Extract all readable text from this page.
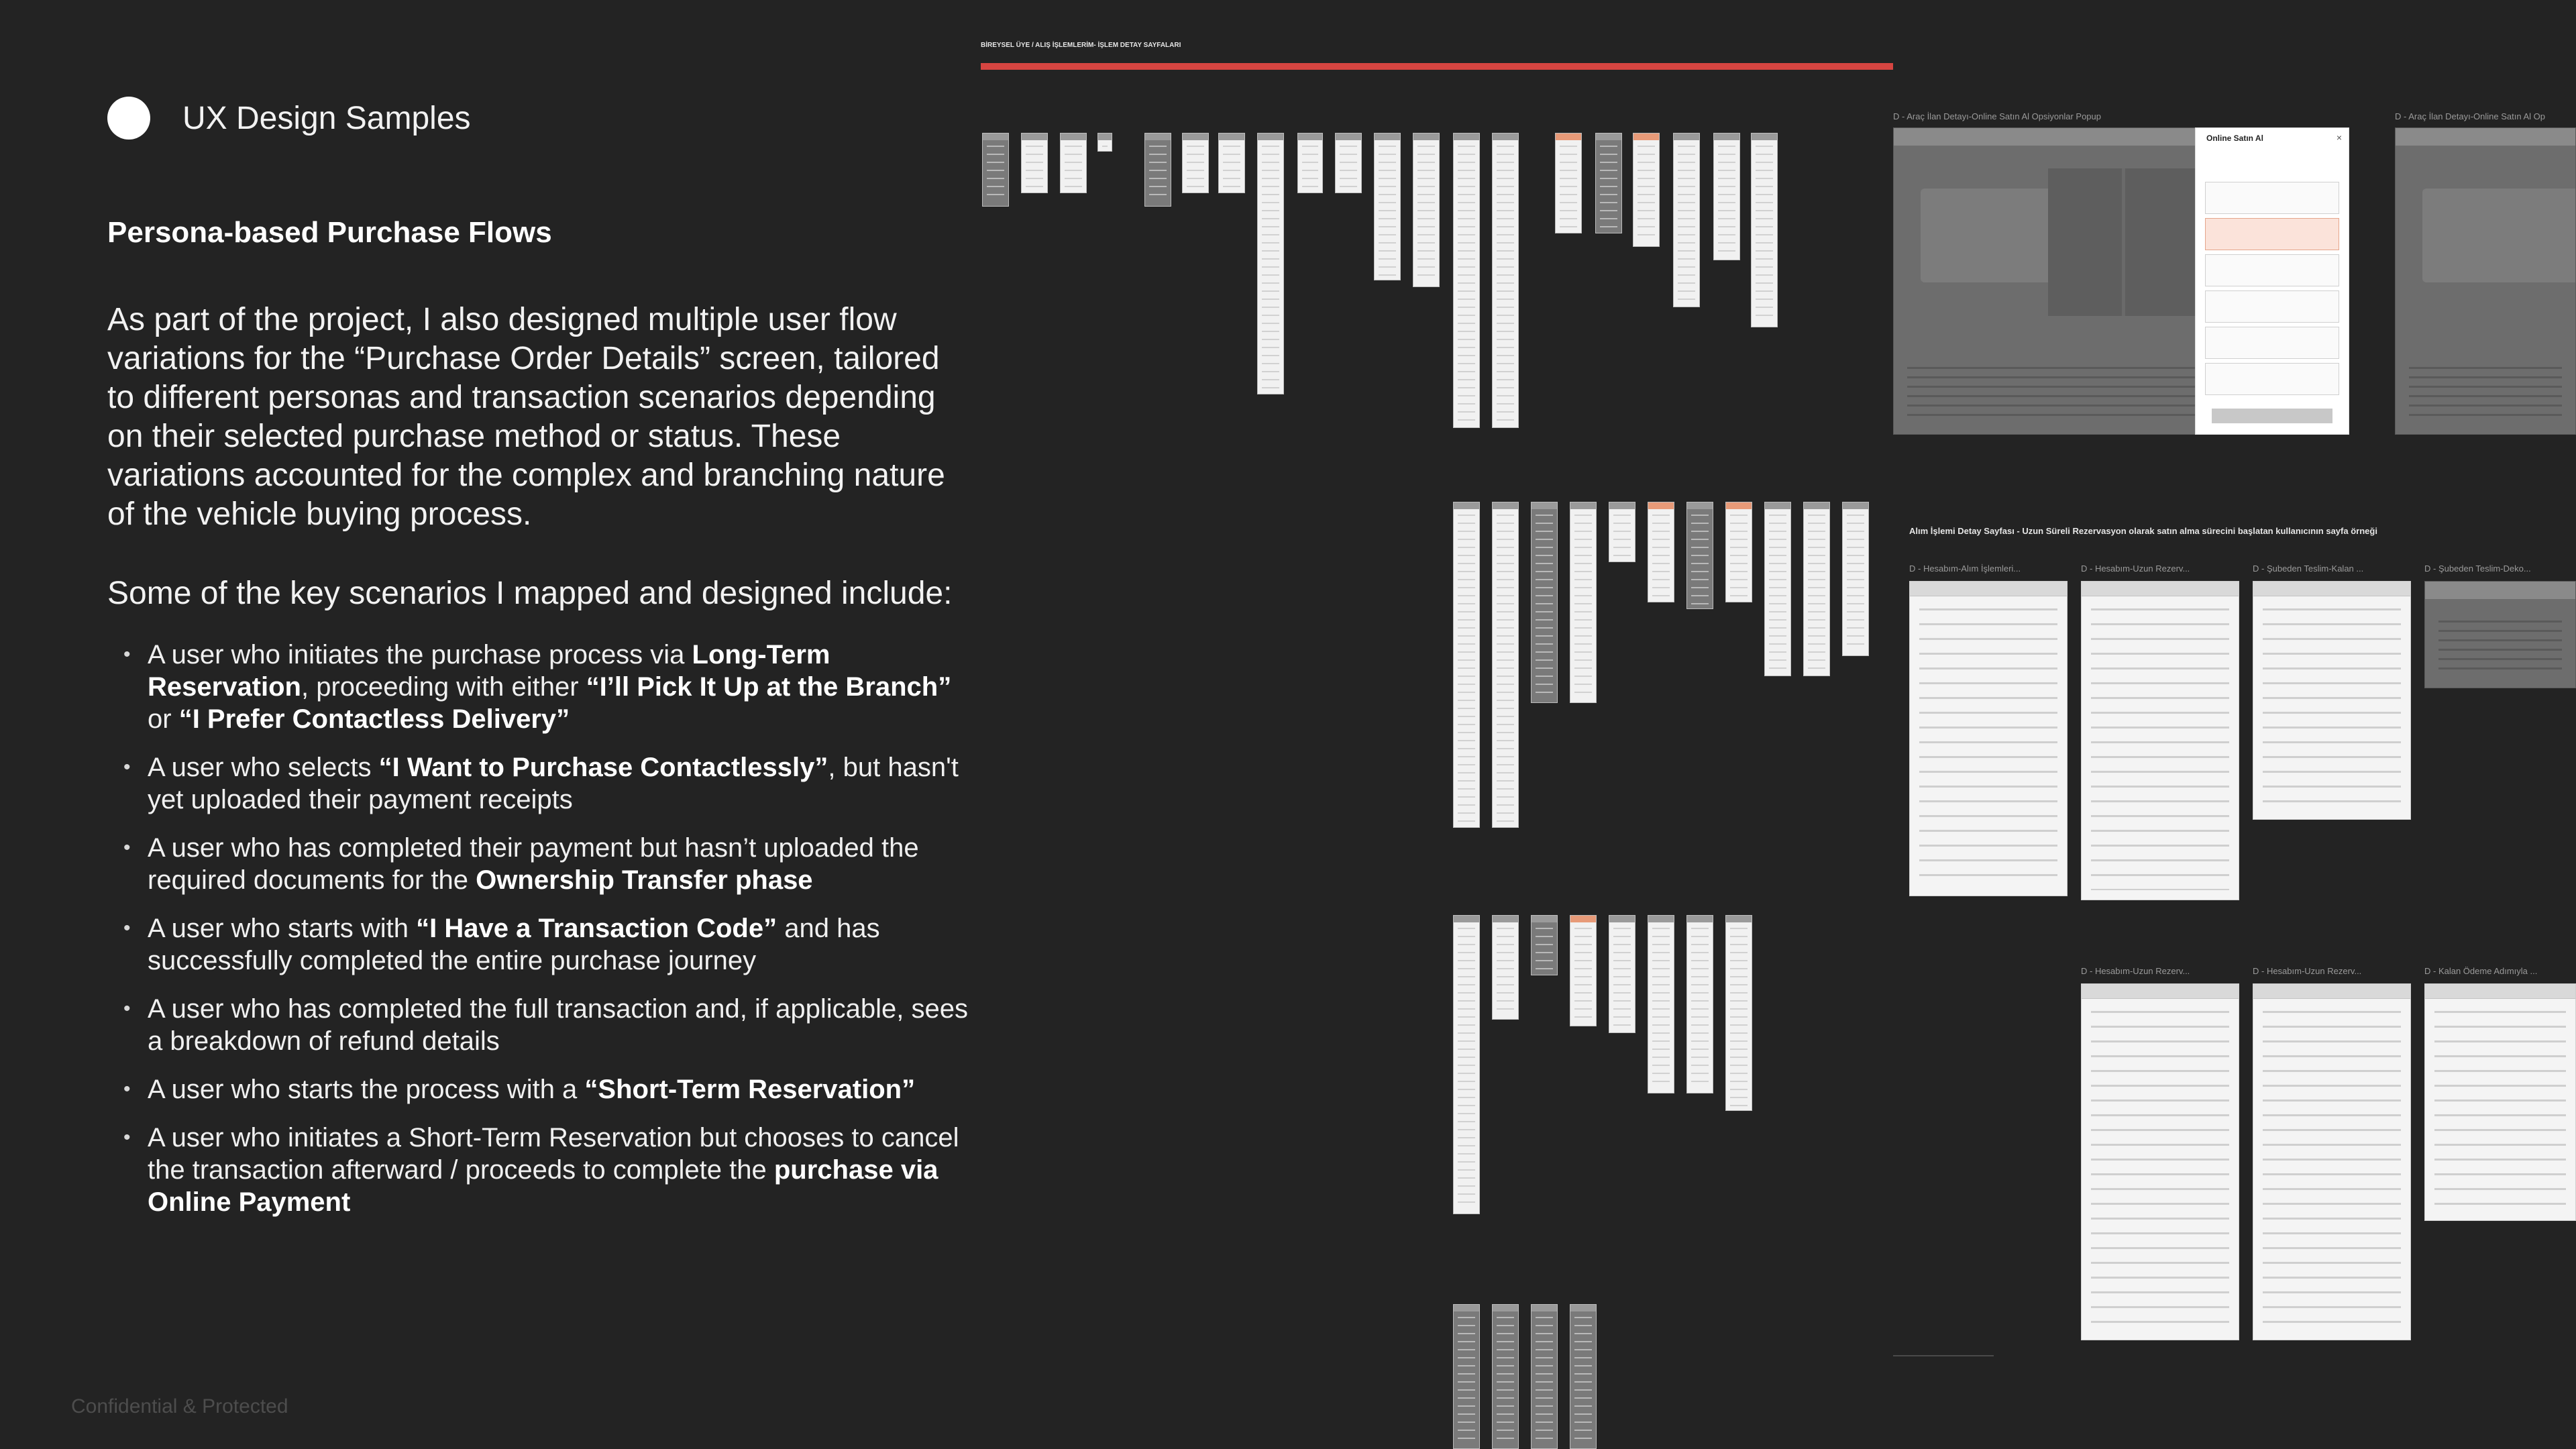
UX Design Samples
Persona-based Purchase Flows
As part of the project, I also designed multiple user flow variations for the “Purchase Order Details” screen, tailored to different personas and transaction scenarios depending on their selected purchase method or status. These variations accounted for the complex and branching nature of the vehicle buying process.
Some of the key scenarios I mapped and designed include:
• A user who initiates the purchase process via Long-Term Reservation, proceeding with either “I’ll Pick It Up at the Branch” or “I Prefer Contactless Delivery”
• A user who selects “I Want to Purchase Contactlessly”, but hasn't yet uploaded their payment receipts
• A user who has completed their payment but hasn’t uploaded the required documents for the Ownership Transfer phase
• A user who starts with “I Have a Transaction Code” and has successfully completed the entire purchase journey
• A user who has completed the full transaction and, if applicable, sees a breakdown of refund details
• A user who starts the process with a “Short-Term Reservation”
• A user who initiates a Short-Term Reservation but chooses to cancel the transaction afterward / proceeds to complete the purchase via Online Payment
Confidential & Protected
BİREYSEL ÜYE / ALIŞ İŞLEMLERİM- İŞLEM DETAY SAYFALARI
D - Araç İlan Detayı-Online Satın Al Opsiyonlar Popup
Online Satın Al	×
D - Araç İlan Detayı-Online Satın Al Op
Alım İşlemi Detay Sayfası - Uzun Süreli Rezervasyon olarak satın alma sürecini başlatan kullanıcının sayfa örneği
D - Hesabım-Alım İşlemleri...	D - Hesabım-Uzun Rezerv...	D - Şubeden Teslim-Kalan ...	D - Şubeden Teslim-Deko...
D - Hesabım-Uzun Rezerv...	D - Hesabım-Uzun Rezerv...	D - Kalan Ödeme Adımıyla ...
